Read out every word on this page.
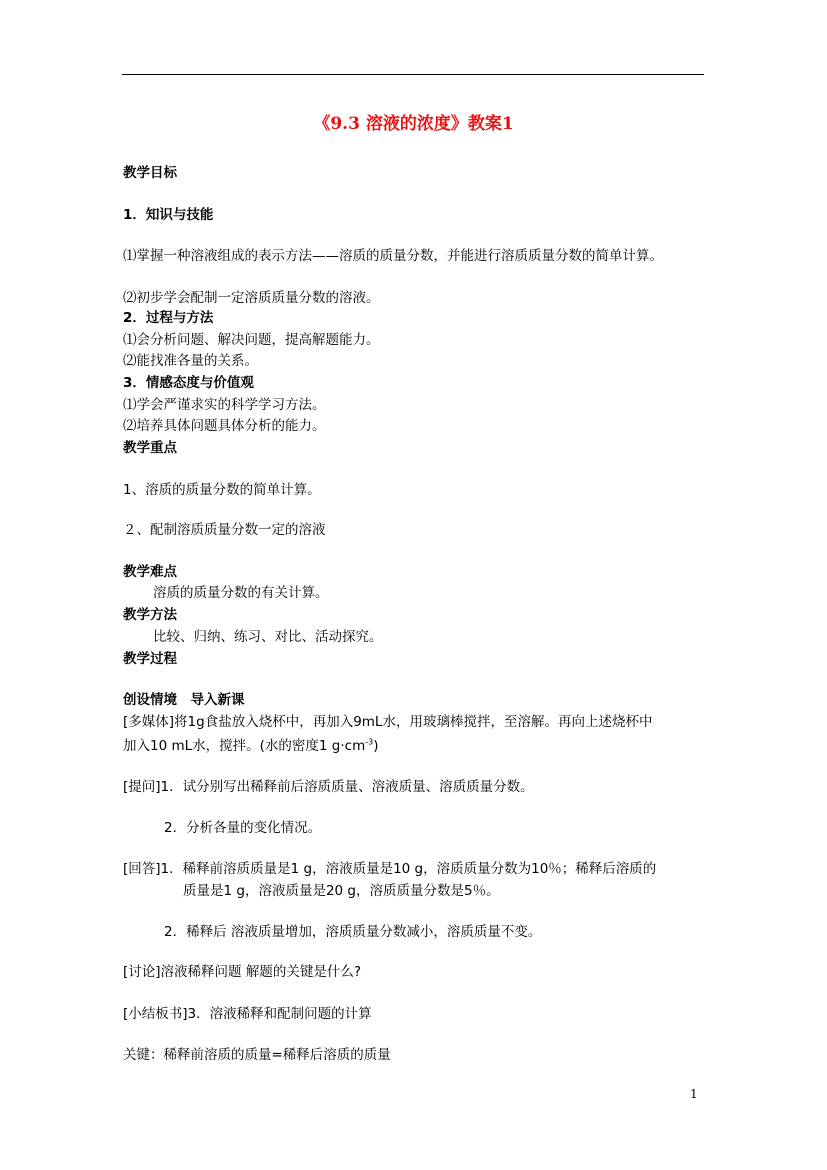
《9.3 溶液的浓度》教案1
教学目标
1．知识与技能
⑴掌握一种溶液组成的表示方法——溶质的质量分数，并能进行溶质质量分数的简单计算。
⑵初步学会配制一定溶质质量分数的溶液。
2．过程与方法
⑴会分析问题、解决问题，提高解题能力。
⑵能找准各量的关系。
3．情感态度与价值观
⑴学会严谨求实的科学学习方法。
⑵培养具体问题具体分析的能力。
教学重点
1、溶质的质量分数的简单计算。
２、配制溶质质量分数一定的溶液
教学难点
溶质的质量分数的有关计算。
教学方法
比较、归纳、练习、对比、活动探究。
教学过程
创设情境　导入新课
[多媒体]将1g食盐放入烧杯中，再加入9mL水，用玻璃棒搅拌，至溶解。再向上述烧杯中
加入10 mL水，搅拌。(水的密度1 $g\cdot cm^{-3}$)
[提问]1．试分别写出稀释前后溶质质量、溶液质量、溶质质量分数。
2．分析各量的变化情况。
[回答]1．稀释前溶质质量是1 g，溶液质量是10 g，溶质质量分数为10％；稀释后溶质的
质量是1 g，溶液质量是20 g，溶质质量分数是5％。
2．稀释后 溶液质量增加，溶质质量分数减小，溶质质量不变。
[讨论]溶液稀释问题 解题的关键是什么?
[小结板书]3．溶液稀释和配制问题的计算
关键：稀释前溶质的质量=稀释后溶质的质量
1
